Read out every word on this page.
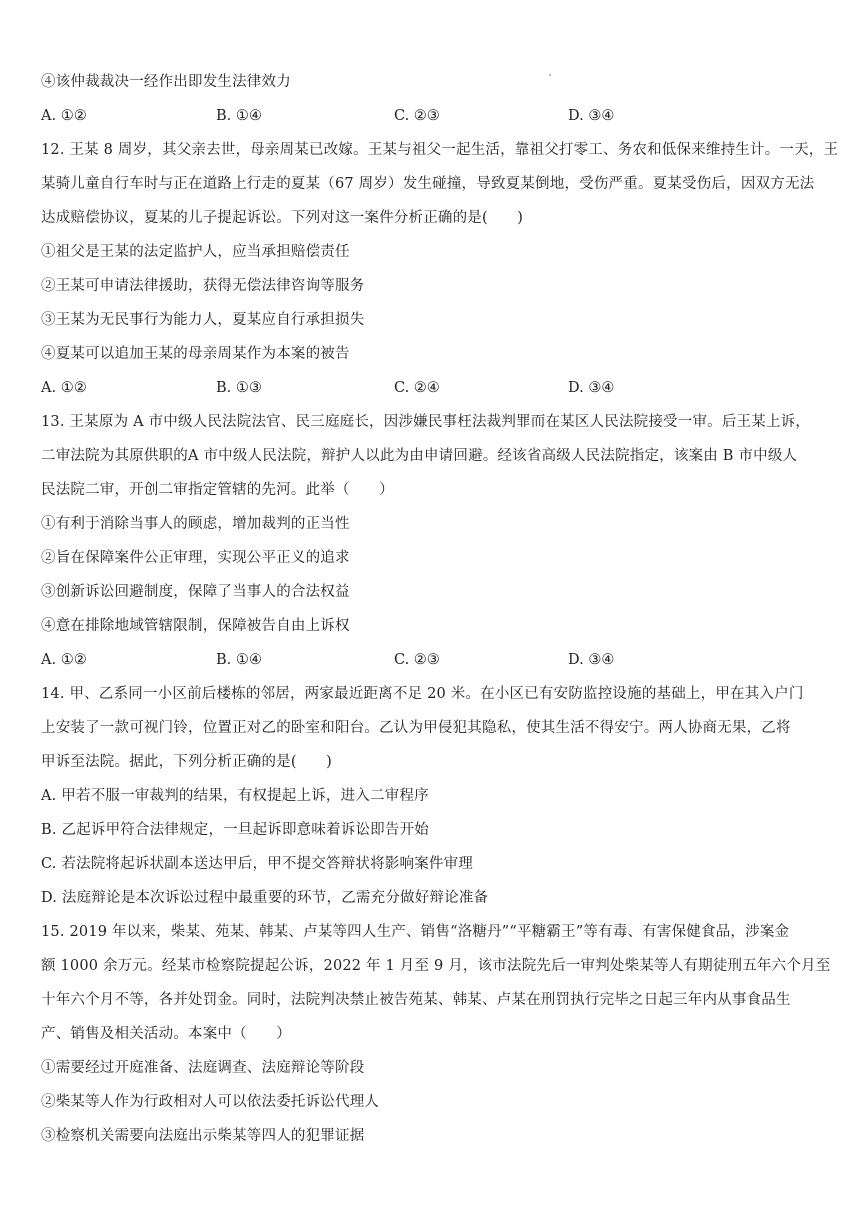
④该仲裁裁决一经作出即发生法律效力
A. ①②	B. ①④	C. ②③	D. ③④
12. 王某 8 周岁，其父亲去世，母亲周某已改嫁。王某与祖父一起生活，靠祖父打零工、务农和低保来维持生计。一天，王
某骑儿童自行车时与正在道路上行走的夏某（67 周岁）发生碰撞，导致夏某倒地，受伤严重。夏某受伤后，因双方无法
达成赔偿协议，夏某的儿子提起诉讼。下列对这一案件分析正确的是(　　)
①祖父是王某的法定监护人，应当承担赔偿责任
②王某可申请法律援助，获得无偿法律咨询等服务
③王某为无民事行为能力人，夏某应自行承担损失
④夏某可以追加王某的母亲周某作为本案的被告
A. ①②	B. ①③	C. ②④	D. ③④
13. 王某原为 A 市中级人民法院法官、民三庭庭长，因涉嫌民事枉法裁判罪而在某区人民法院接受一审。后王某上诉，
二审法院为其原供职的A 市中级人民法院，辩护人以此为由申请回避。经该省高级人民法院指定，该案由 B 市中级人
民法院二审，开创二审指定管辖的先河。此举（　　）
①有利于消除当事人的顾虑，增加裁判的正当性
②旨在保障案件公正审理，实现公平正义的追求
③创新诉讼回避制度，保障了当事人的合法权益
④意在排除地域管辖限制，保障被告自由上诉权
A. ①②	B. ①④	C. ②③	D. ③④
14. 甲、乙系同一小区前后楼栋的邻居，两家最近距离不足 20 米。在小区已有安防监控设施的基础上，甲在其入户门
上安装了一款可视门铃，位置正对乙的卧室和阳台。乙认为甲侵犯其隐私，使其生活不得安宁。两人协商无果，乙将
甲诉至法院。据此，下列分析正确的是(　　)
A. 甲若不服一审裁判的结果，有权提起上诉，进入二审程序
B. 乙起诉甲符合法律规定，一旦起诉即意味着诉讼即告开始
C. 若法院将起诉状副本送达甲后，甲不提交答辩状将影响案件审理
D. 法庭辩论是本次诉讼过程中最重要的环节，乙需充分做好辩论准备
15. 2019 年以来，柴某、苑某、韩某、卢某等四人生产、销售“洛糖丹”“平糖霸王”等有毒、有害保健食品，涉案金
额 1000 余万元。经某市检察院提起公诉，2022 年 1 月至 9 月，该市法院先后一审判处柴某等人有期徒刑五年六个月至
十年六个月不等，各并处罚金。同时，法院判决禁止被告苑某、韩某、卢某在刑罚执行完毕之日起三年内从事食品生
产、销售及相关活动。本案中（　　）
①需要经过开庭准备、法庭调查、法庭辩论等阶段
②柴某等人作为行政相对人可以依法委托诉讼代理人
③检察机关需要向法庭出示柴某等四人的犯罪证据
